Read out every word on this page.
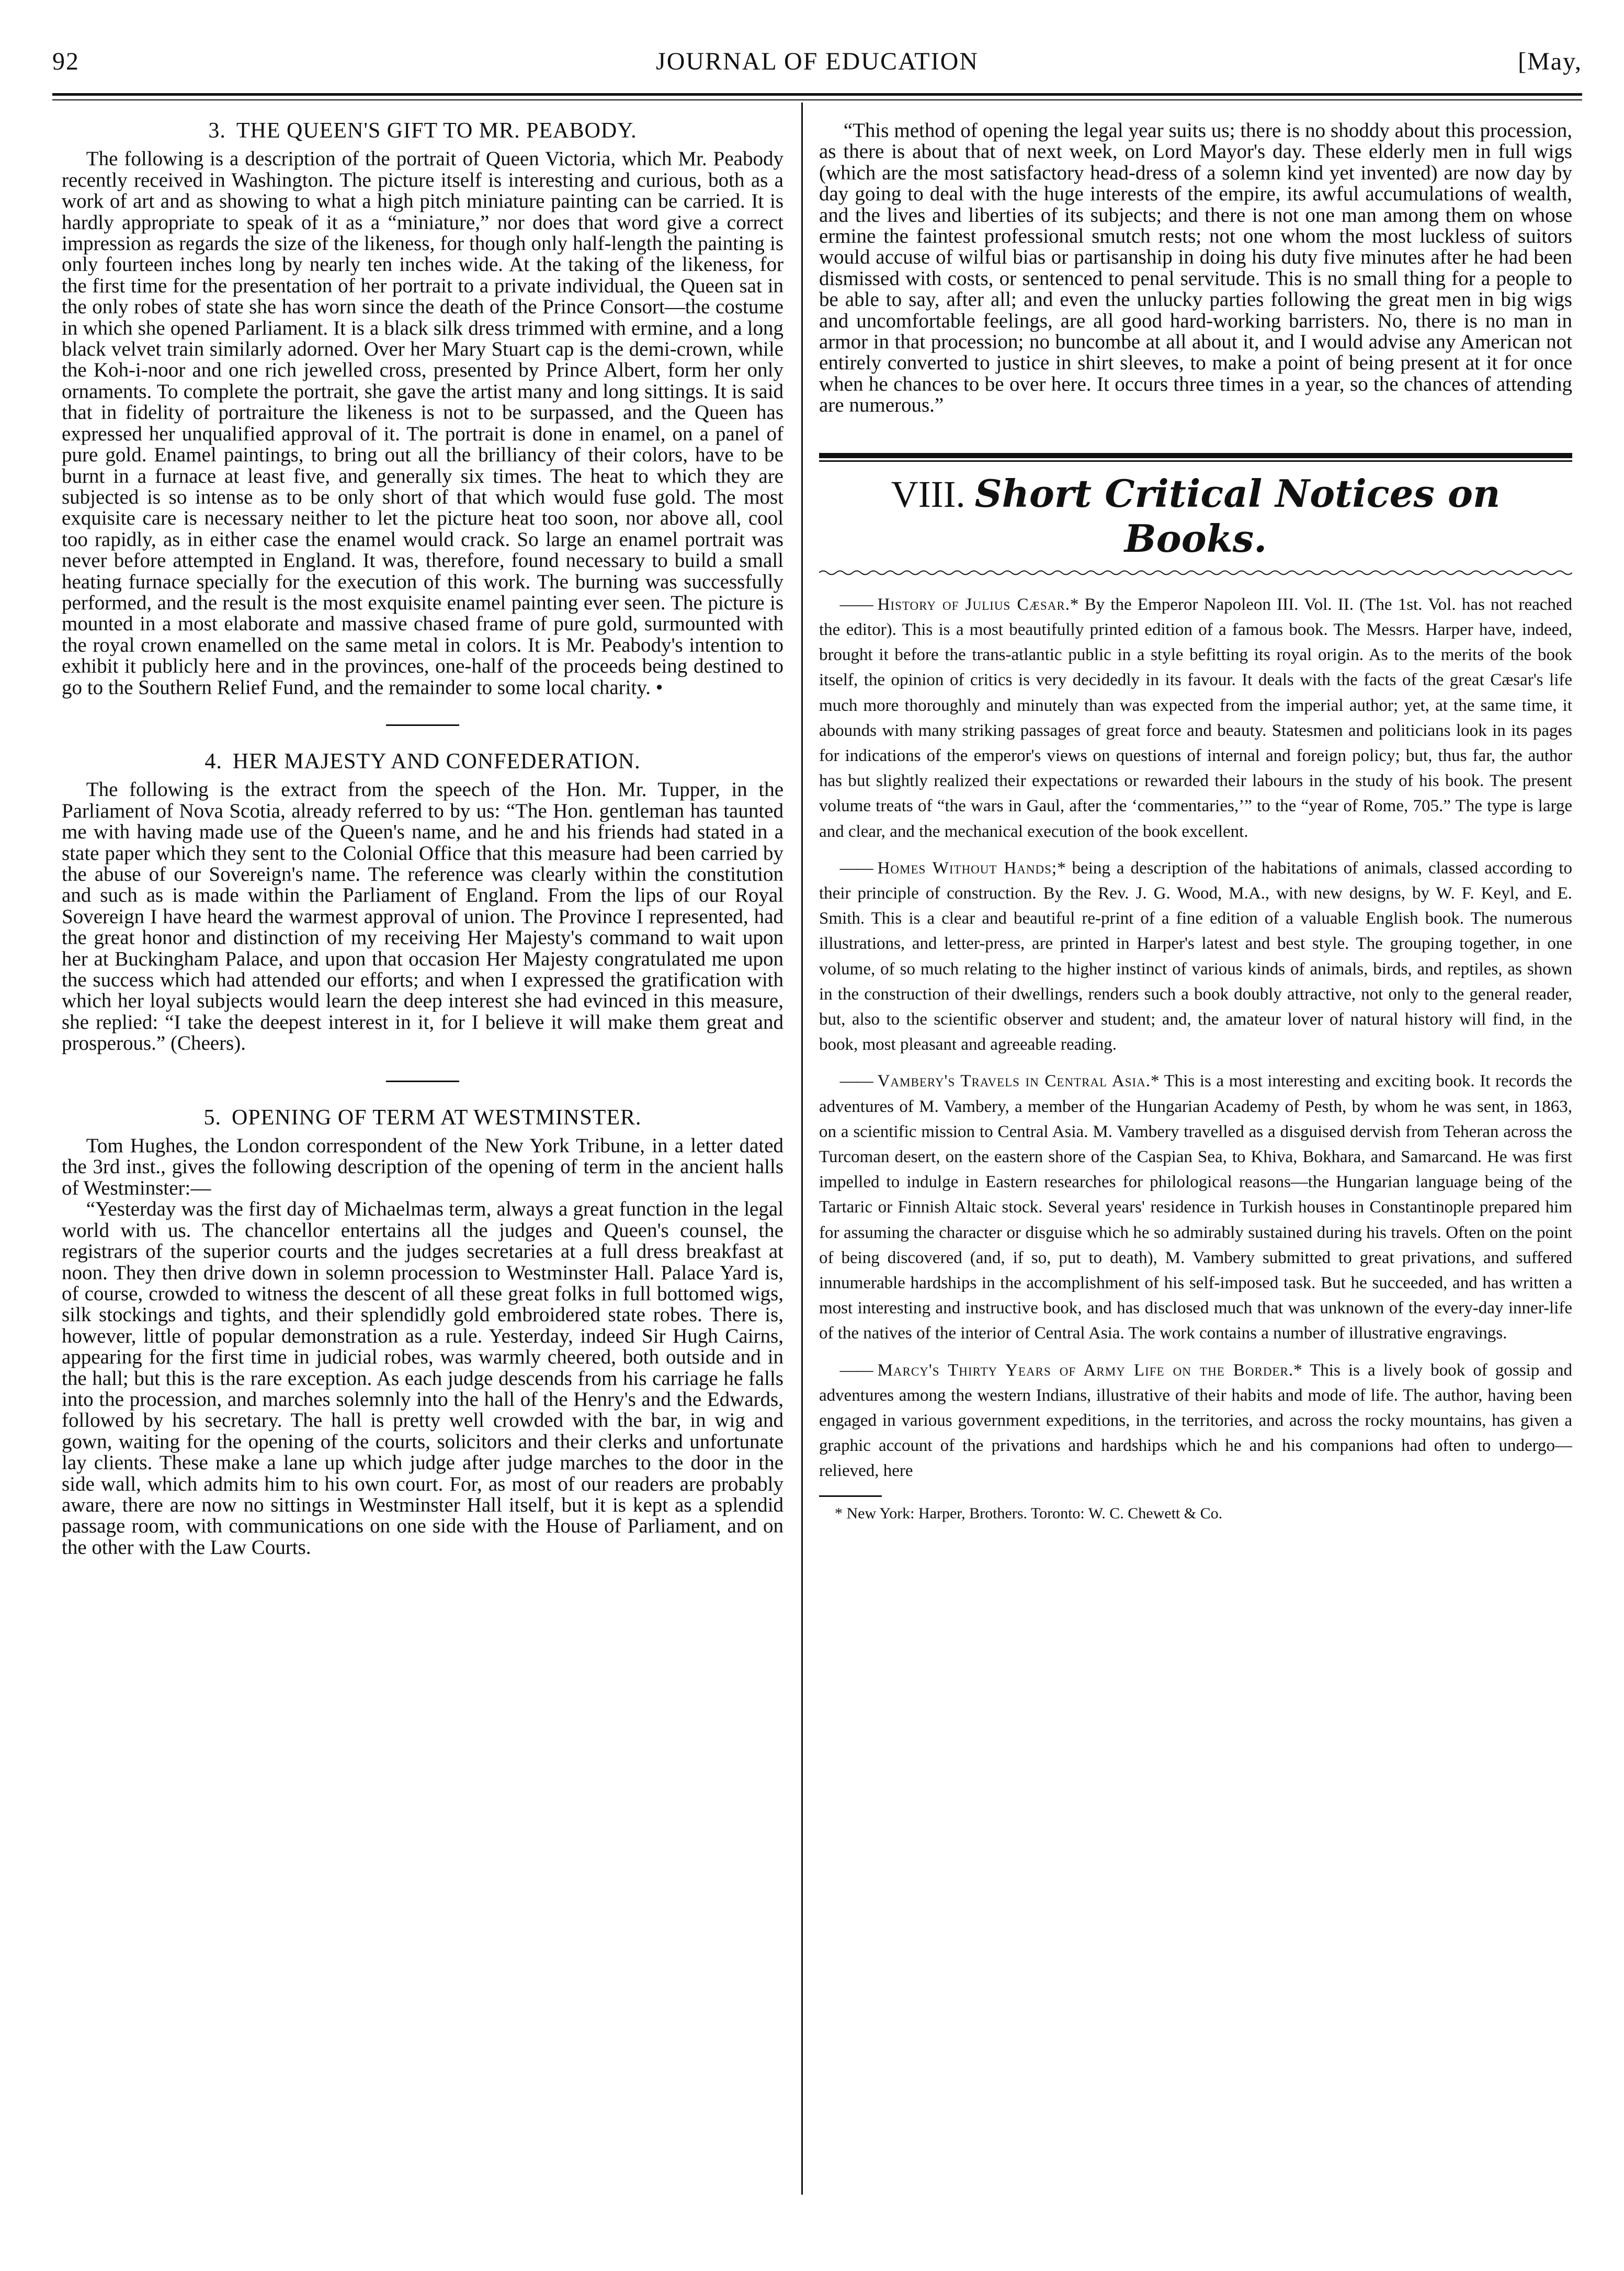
92	JOURNAL OF EDUCATION	[May,
3. THE QUEEN'S GIFT TO MR. PEABODY.

The following is a description of the portrait of Queen Victoria, which Mr. Peabody recently received in Washington. The picture itself is interesting and curious, both as a work of art and as showing to what a high pitch miniature painting can be carried. It is hardly appropriate to speak of it as a “miniature,” nor does that word give a correct impression as regards the size of the likeness, for though only half-length the painting is only fourteen inches long by nearly ten inches wide. At the taking of the likeness, for the first time for the presentation of her portrait to a private individual, the Queen sat in the only robes of state she has worn since the death of the Prince Consort—the costume in which she opened Parliament. It is a black silk dress trimmed with ermine, and a long black velvet train similarly adorned. Over her Mary Stuart cap is the demi-crown, while the Koh-i-noor and one rich jewelled cross, presented by Prince Albert, form her only ornaments. To complete the portrait, she gave the artist many and long sittings. It is said that in fidelity of portraiture the likeness is not to be surpassed, and the Queen has expressed her unqualified approval of it. The portrait is done in enamel, on a panel of pure gold. Enamel paintings, to bring out all the brilliancy of their colors, have to be burnt in a furnace at least five, and generally six times. The heat to which they are subjected is so intense as to be only short of that which would fuse gold. The most exquisite care is necessary neither to let the picture heat too soon, nor above all, cool too rapidly, as in either case the enamel would crack. So large an enamel portrait was never before attempted in England. It was, therefore, found necessary to build a small heating furnace specially for the execution of this work. The burning was successfully performed, and the result is the most exquisite enamel painting ever seen. The picture is mounted in a most elaborate and massive chased frame of pure gold, surmounted with the royal crown enamelled on the same metal in colors. It is Mr. Peabody's intention to exhibit it publicly here and in the provinces, one-half of the proceeds being destined to go to the Southern Relief Fund, and the remainder to some local charity. •

4. HER MAJESTY AND CONFEDERATION.

The following is the extract from the speech of the Hon. Mr. Tupper, in the Parliament of Nova Scotia, already referred to by us: “The Hon. gentleman has taunted me with having made use of the Queen's name, and he and his friends had stated in a state paper which they sent to the Colonial Office that this measure had been carried by the abuse of our Sovereign's name. The reference was clearly within the constitution and such as is made within the Parliament of England. From the lips of our Royal Sovereign I have heard the warmest approval of union. The Province I represented, had the great honor and distinction of my receiving Her Majesty's command to wait upon her at Buckingham Palace, and upon that occasion Her Majesty congratulated me upon the success which had attended our efforts; and when I expressed the gratification with which her loyal subjects would learn the deep interest she had evinced in this measure, she replied: “I take the deepest interest in it, for I believe it will make them great and prosperous.” (Cheers).

5. OPENING OF TERM AT WESTMINSTER.

Tom Hughes, the London correspondent of the New York Tribune, in a letter dated the 3rd inst., gives the following description of the opening of term in the ancient halls of Westminster:—

“Yesterday was the first day of Michaelmas term, always a great function in the legal world with us. The chancellor entertains all the judges and Queen's counsel, the registrars of the superior courts and the judges secretaries at a full dress breakfast at noon. They then drive down in solemn procession to Westminster Hall. Palace Yard is, of course, crowded to witness the descent of all these great folks in full bottomed wigs, silk stockings and tights, and their splendidly gold embroidered state robes. There is, however, little of popular demonstration as a rule. Yesterday, indeed Sir Hugh Cairns, appearing for the first time in judicial robes, was warmly cheered, both outside and in the hall; but this is the rare exception. As each judge descends from his carriage he falls into the procession, and marches solemnly into the hall of the Henry's and the Edwards, followed by his secretary. The hall is pretty well crowded with the bar, in wig and gown, waiting for the opening of the courts, solicitors and their clerks and unfortunate lay clients. These make a lane up which judge after judge marches to the door in the side wall, which admits him to his own court. For, as most of our readers are probably aware, there are now no sittings in Westminster Hall itself, but it is kept as a splendid passage room, with communications on one side with the House of Parliament, and on the other with the Law Courts.

“This method of opening the legal year suits us; there is no shoddy about this procession, as there is about that of next week, on Lord Mayor's day. These elderly men in full wigs (which are the most satisfactory head-dress of a solemn kind yet invented) are now day by day going to deal with the huge interests of the empire, its awful accumulations of wealth, and the lives and liberties of its subjects; and there is not one man among them on whose ermine the faintest professional smutch rests; not one whom the most luckless of suitors would accuse of wilful bias or partisanship in doing his duty five minutes after he had been dismissed with costs, or sentenced to penal servitude. This is no small thing for a people to be able to say, after all; and even the unlucky parties following the great men in big wigs and uncomfortable feelings, are all good hard-working barristers. No, there is no man in armor in that procession; no buncombe at all about it, and I would advise any American not entirely converted to justice in shirt sleeves, to make a point of being present at it for once when he chances to be over here. It occurs three times in a year, so the chances of attending are numerous.”

VIII. Short Critical Notices on Books.

—— History of Julius Cæsar.* By the Emperor Napoleon III. Vol. II. (The 1st. Vol. has not reached the editor). This is a most beautifully printed edition of a famous book. The Messrs. Harper have, indeed, brought it before the trans-atlantic public in a style befitting its royal origin. As to the merits of the book itself, the opinion of critics is very decidedly in its favour. It deals with the facts of the great Cæsar's life much more thoroughly and minutely than was expected from the imperial author; yet, at the same time, it abounds with many striking passages of great force and beauty. Statesmen and politicians look in its pages for indications of the emperor's views on questions of internal and foreign policy; but, thus far, the author has but slightly realized their expectations or rewarded their labours in the study of his book. The present volume treats of “the wars in Gaul, after the ‘commentaries,’” to the “year of Rome, 705.” The type is large and clear, and the mechanical execution of the book excellent.

—— Homes Without Hands;* being a description of the habitations of animals, classed according to their principle of construction. By the Rev. J. G. Wood, M.A., with new designs, by W. F. Keyl, and E. Smith. This is a clear and beautiful re-print of a fine edition of a valuable English book. The numerous illustrations, and letter-press, are printed in Harper's latest and best style. The grouping together, in one volume, of so much relating to the higher instinct of various kinds of animals, birds, and reptiles, as shown in the construction of their dwellings, renders such a book doubly attractive, not only to the general reader, but, also to the scientific observer and student; and, the amateur lover of natural history will find, in the book, most pleasant and agreeable reading.

—— Vambery's Travels in Central Asia.* This is a most interesting and exciting book. It records the adventures of M. Vambery, a member of the Hungarian Academy of Pesth, by whom he was sent, in 1863, on a scientific mission to Central Asia. M. Vambery travelled as a disguised dervish from Teheran across the Turcoman desert, on the eastern shore of the Caspian Sea, to Khiva, Bokhara, and Samarcand. He was first impelled to indulge in Eastern researches for philological reasons—the Hungarian language being of the Tartaric or Finnish Altaic stock. Several years' residence in Turkish houses in Constantinople prepared him for assuming the character or disguise which he so admirably sustained during his travels. Often on the point of being discovered (and, if so, put to death), M. Vambery submitted to great privations, and suffered innumerable hardships in the accomplishment of his self-imposed task. But he succeeded, and has written a most interesting and instructive book, and has disclosed much that was unknown of the every-day inner-life of the natives of the interior of Central Asia. The work contains a number of illustrative engravings.

—— Marcy's Thirty Years of Army Life on the Border.* This is a lively book of gossip and adventures among the western Indians, illustrative of their habits and mode of life. The author, having been engaged in various government expeditions, in the territories, and across the rocky mountains, has given a graphic account of the privations and hardships which he and his companions had often to undergo—relieved, here

* New York: Harper, Brothers. Toronto: W. C. Chewett & Co.
